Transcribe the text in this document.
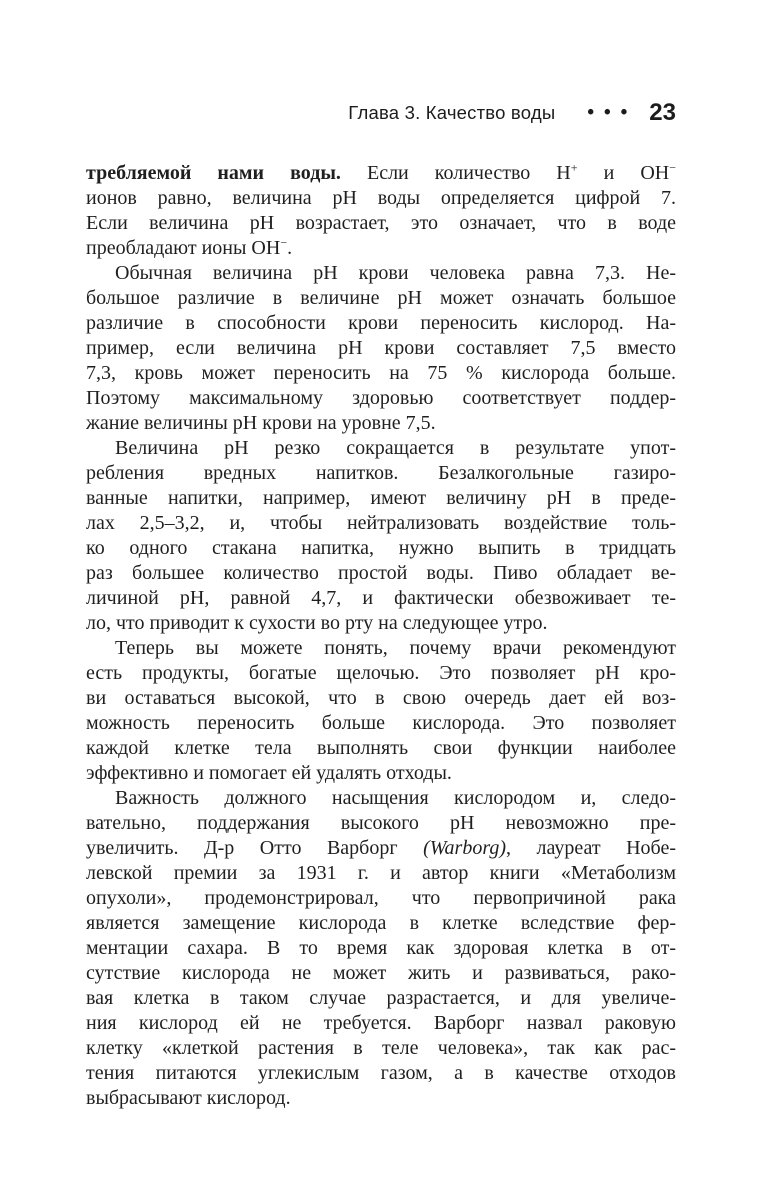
Глава 3. Качество воды	••• 23
требляемой нами воды. Если количество H+ и OH−
ионов равно, величина pH воды определяется цифрой 7.
Если величина pH возрастает, это означает, что в воде
преобладают ионы OH−.
Обычная величина pH крови человека равна 7,3. Не-
большое различие в величине pH может означать большое
различие в способности крови переносить кислород. На-
пример, если величина pH крови составляет 7,5 вместо
7,3, кровь может переносить на 75 % кислорода больше.
Поэтому максимальному здоровью соответствует поддер-
жание величины pH крови на уровне 7,5.
Величина pH резко сокращается в результате упот-
ребления вредных напитков. Безалкогольные газиро-
ванные напитки, например, имеют величину pH в преде-
лах 2,5–3,2, и, чтобы нейтрализовать воздействие толь-
ко одного стакана напитка, нужно выпить в тридцать
раз большее количество простой воды. Пиво обладает ве-
личиной pH, равной 4,7, и фактически обезвоживает те-
ло, что приводит к сухости во рту на следующее утро.
Теперь вы можете понять, почему врачи рекомендуют
есть продукты, богатые щелочью. Это позволяет pH кро-
ви оставаться высокой, что в свою очередь дает ей воз-
можность переносить больше кислорода. Это позволяет
каждой клетке тела выполнять свои функции наиболее
эффективно и помогает ей удалять отходы.
Важность должного насыщения кислородом и, следо-
вательно, поддержания высокого pH невозможно пре-
увеличить. Д-р Отто Варборг (Warborg), лауреат Нобе-
левской премии за 1931 г. и автор книги «Метаболизм
опухоли», продемонстрировал, что первопричиной рака
является замещение кислорода в клетке вследствие фер-
ментации сахара. В то время как здоровая клетка в от-
сутствие кислорода не может жить и развиваться, рако-
вая клетка в таком случае разрастается, и для увеличе-
ния кислород ей не требуется. Варборг назвал раковую
клетку «клеткой растения в теле человека», так как рас-
тения питаются углекислым газом, а в качестве отходов
выбрасывают кислород.
